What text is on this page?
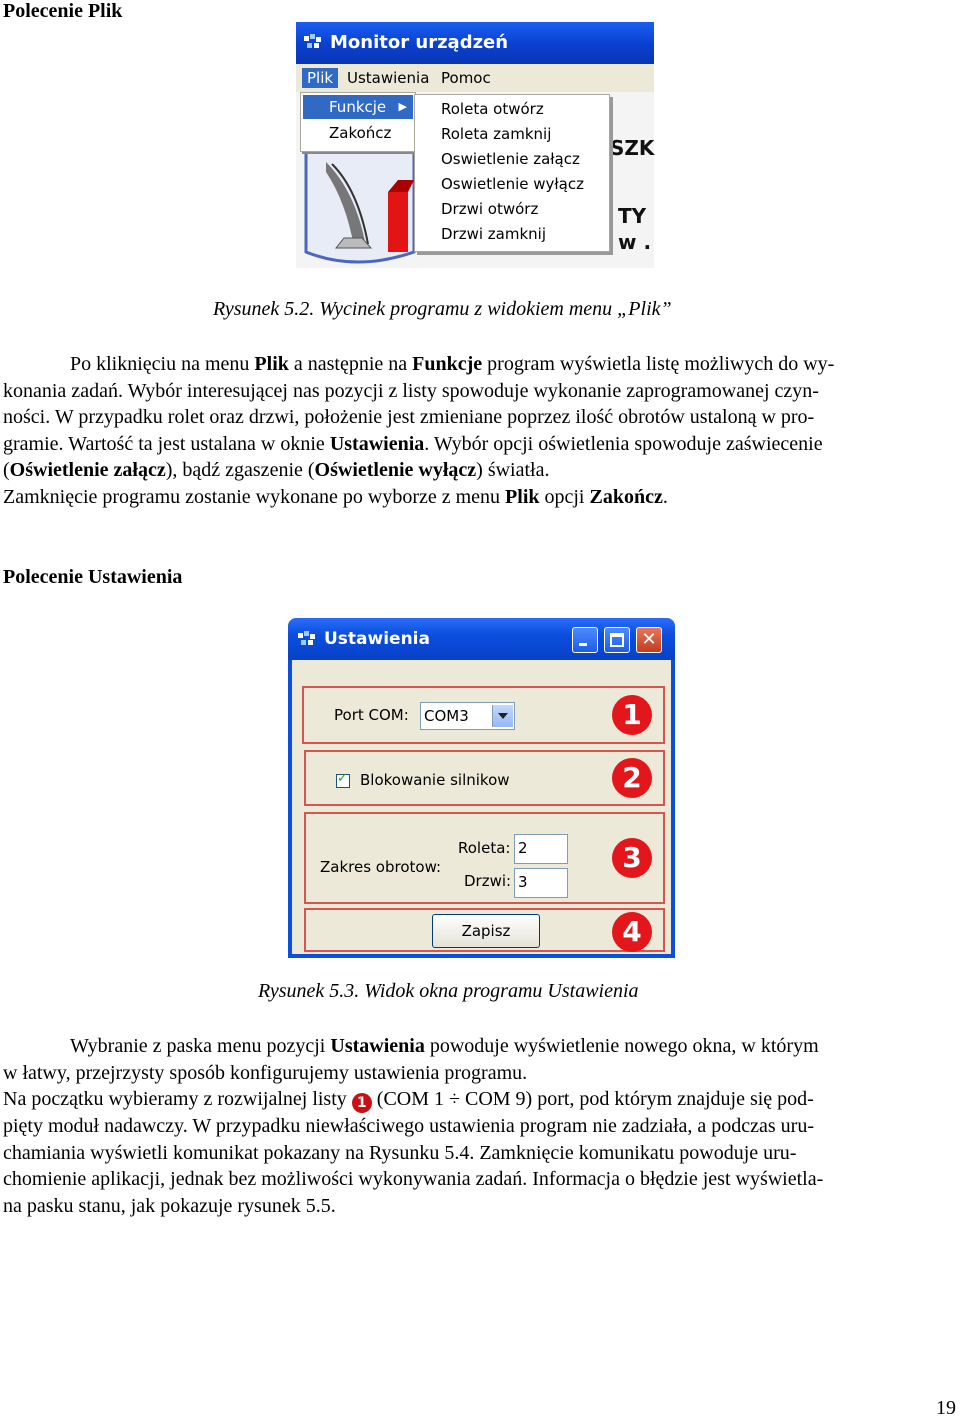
Polecenie Plik
Monitor urządzeń
Plik Ustawienia Pomoc
SZK
TY
w .
Funkcje ▶
Zakończ
Roleta otwórz
Roleta zamknij
Oswietlenie załącz
Oswietlenie wyłącz
Drzwi otwórz
Drzwi zamknij
Rysunek 5.2. Wycinek programu z widokiem menu „Plik”
Po kliknięciu na menu Plik a następnie na Funkcje program wyświetla listę możliwych do wy-
konania zadań. Wybór interesującej nas pozycji z listy spowoduje wykonanie zaprogramowanej czyn-
ności. W przypadku rolet oraz drzwi, położenie jest zmieniane poprzez ilość obrotów ustaloną w pro-
gramie. Wartość ta jest ustalana w oknie Ustawienia. Wybór opcji oświetlenia spowoduje zaświecenie
(Oświetlenie załącz), bądź zgaszenie (Oświetlenie wyłącz) światła.
Zamknięcie programu zostanie wykonane po wyborze z menu Plik opcji Zakończ.
Polecenie Ustawienia
Ustawienia	✕
Port COM: COM3	1
✓ Blokowanie silnikow	2
Zakres obrotow:
Roleta: 2
Drzwi: 3
3
Zapisz	4
Rysunek 5.3. Widok okna programu Ustawienia
Wybranie z paska menu pozycji Ustawienia powoduje wyświetlenie nowego okna, w którym
w łatwy, przejrzysty sposób konfigurujemy ustawienia programu.
Na początku wybieramy z rozwijalnej listy 1 (COM 1 ÷ COM 9) port, pod którym znajduje się pod-
pięty moduł nadawczy. W przypadku niewłaściwego ustawienia program nie zadziała, a podczas uru-
chamiania wyświetli komunikat pokazany na Rysunku 5.4. Zamknięcie komunikatu powoduje uru-
chomienie aplikacji, jednak bez możliwości wykonywania zadań. Informacja o błędzie jest wyświetla-
na pasku stanu, jak pokazuje rysunek 5.5.
19
